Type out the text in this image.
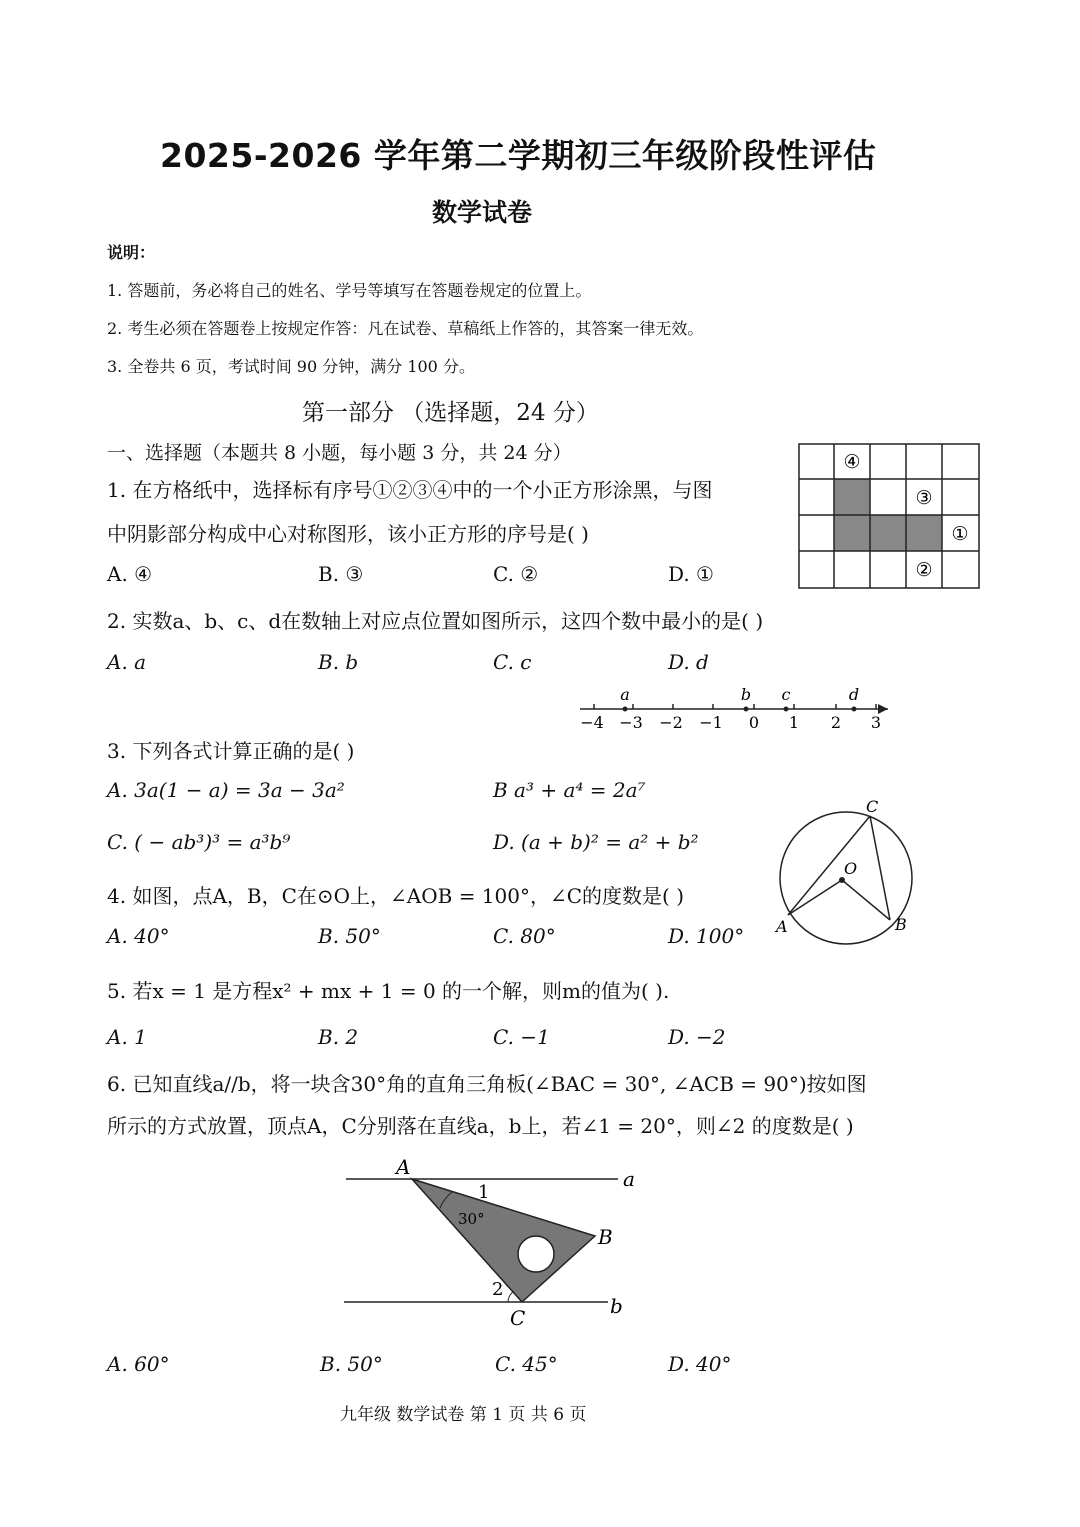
2025-2026 学年第二学期初三年级阶段性评估
数学试卷
说明：
1. 答题前，务必将自己的姓名、学号等填写在答题卷规定的位置上。
2. 考生必须在答题卷上按规定作答：凡在试卷、草稿纸上作答的，其答案一律无效。
3. 全卷共 6 页，考试时间 90 分钟，满分 100 分。
第一部分 （选择题，24 分）
一、选择题（本题共 8 小题，每小题 3 分，共 24 分）
1. 在方格纸中，选择标有序号①②③④中的一个小正方形涂黑，与图
中阴影部分构成中心对称图形，该小正方形的序号是( )
A. ④	B. ③	C. ②	D. ①
④
③
①
②
2. 实数a、b、c、d在数轴上对应点位置如图所示，这四个数中最小的是( )
A. a	B. b	C. c	D. d
−4 −3 −2 −1 0 1 2 3
a	b c	d
3. 下列各式计算正确的是( )
A. 3a(1 − a) = 3a − 3a²	B a³ + a⁴ = 2a⁷
C. ( − ab³)³ = a³b⁹	D. (a + b)² = a² + b²
C
O
A	B
4. 如图，点A，B，C在⊙O上，∠AOB = 100°，∠C的度数是( )
A. 40°	B. 50°	C. 80°	D. 100°
5. 若x = 1 是方程x² + mx + 1 = 0 的一个解，则m的值为( ).
A. 1	B. 2	C. −1	D. −2
6. 已知直线a//b，将一块含30°角的直角三角板(∠BAC = 30°, ∠ACB = 90°)按如图
所示的方式放置，顶点A，C分别落在直线a，b上，若∠1 = 20°，则∠2 的度数是( )
A	a
1
30°
B
2
C	b
A. 60°	B. 50°	C. 45°	D. 40°
九年级 数学试卷 第 1 页 共 6 页
